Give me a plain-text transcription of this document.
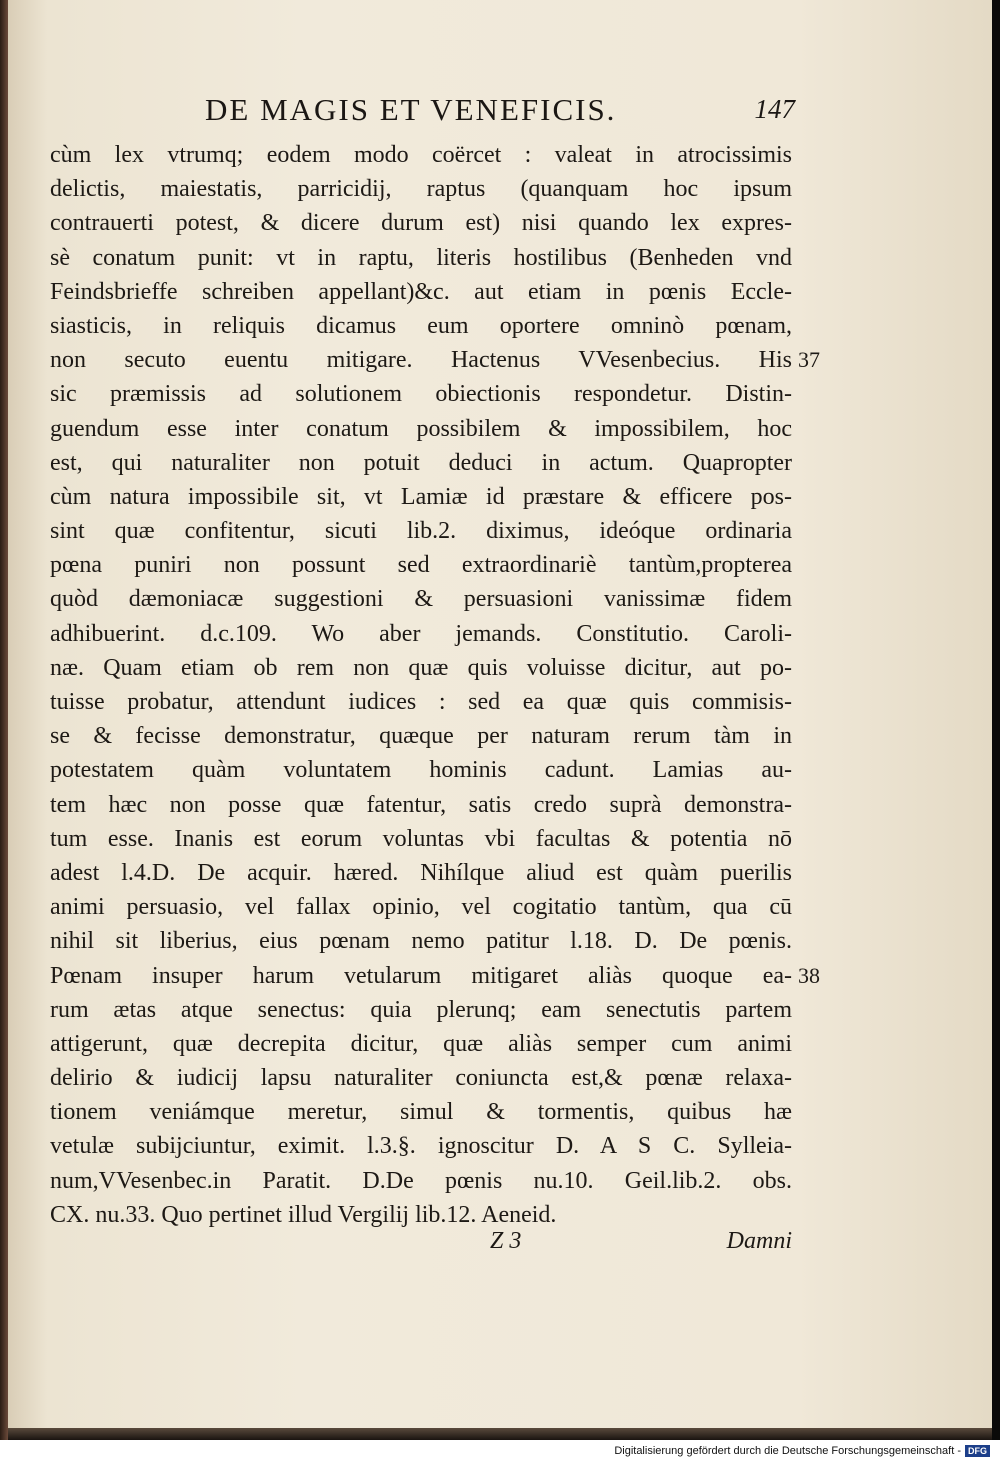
DE MAGIS ET VENEFICIS.	147
cùm lex vtrumq; eodem modo coërcet : valeat in atrocissimis
delictis, maiestatis, parricidij, raptus (quanquam hoc ipsum
contrauerti potest, & dicere durum est) nisi quando lex expres-
sè conatum punit: vt in raptu, literis hostilibus (Benheden vnd
Feindsbrieffe schreiben appellant)&c. aut etiam in pœnis Eccle-
siasticis, in reliquis dicamus eum oportere omninò pœnam,
non secuto euentu mitigare. Hactenus VVesenbecius. His
sic præmissis ad solutionem obiectionis respondetur. Distin-
guendum esse inter conatum possibilem & impossibilem, hoc
est, qui naturaliter non potuit deduci in actum. Quapropter
cùm natura impossibile sit, vt Lamiæ id præstare & efficere pos-
sint quæ confitentur, sicuti lib.2. diximus, ideóque ordinaria
pœna puniri non possunt sed extraordinariè tantùm,propterea
quòd dæmoniacæ suggestioni & persuasioni vanissimæ fidem
adhibuerint. d.c.109. Wo aber jemands. Constitutio. Caroli-
næ. Quam etiam ob rem non quæ quis voluisse dicitur, aut po-
tuisse probatur, attendunt iudices : sed ea quæ quis commisis-
se & fecisse demonstratur, quæque per naturam rerum tàm in
potestatem quàm voluntatem hominis cadunt. Lamias au-
tem hæc non posse quæ fatentur, satis credo suprà demonstra-
tum esse. Inanis est eorum voluntas vbi facultas & potentia nō
adest l.4.D. De acquir. hæred. Nihílque aliud est quàm puerilis
animi persuasio, vel fallax opinio, vel cogitatio tantùm, qua cū
nihil sit liberius, eius pœnam nemo patitur l.18. D. De pœnis.
Pœnam insuper harum vetularum mitigaret aliàs quoque ea-
rum ætas atque senectus: quia plerunq; eam senectutis partem
attigerunt, quæ decrepita dicitur, quæ aliàs semper cum animi
delirio & iudicij lapsu naturaliter coniuncta est,& pœnæ relaxa-
tionem veniámque meretur, simul & tormentis, quibus hæ
vetulæ subijciuntur, eximit. l.3.§. ignoscitur D. A S C. Sylleia-
num,VVesenbec.in Paratit. D.De pœnis nu.10. Geil.lib.2. obs.
CX. nu.33. Quo pertinet illud Vergilij lib.12. Aeneid.
Z 3	Damni
37
38
Digitalisierung gefördert durch die Deutsche Forschungsgemeinschaft - DFG
